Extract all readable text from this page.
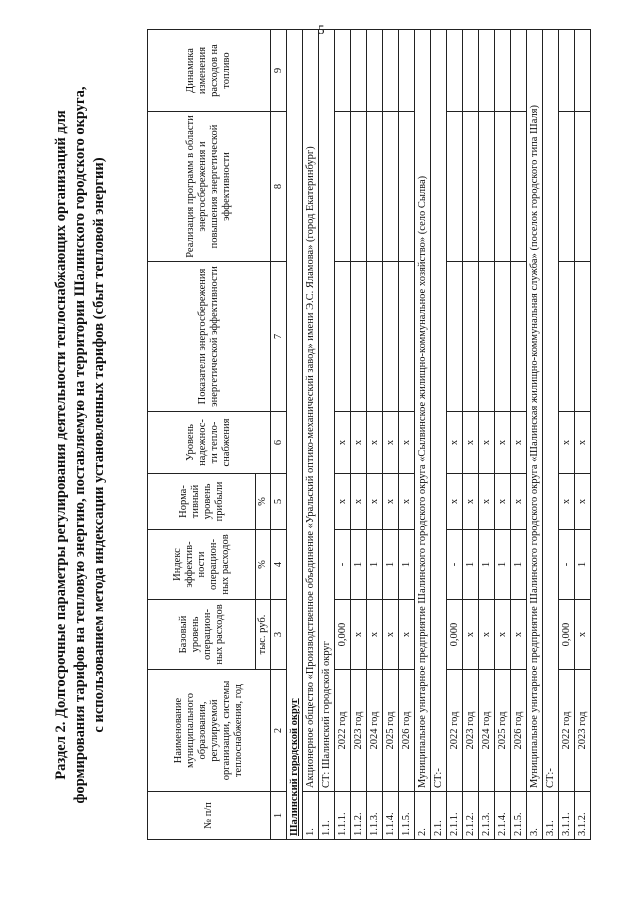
5
Раздел 2. Долгосрочные параметры регулирования деятельности теплоснабжающих организаций для формирования тарифов на тепловую энергию, поставляемую на территории Шалинского городского округа, с использованием метода индексации установленных тарифов (сбыт тепловой энергии)
№ п/п	Наименование муниципального образования, регулируемой организации, системы теплоснабжения, год	Базовый уровень операцион-ных расходов	Индекс эффектив-ности операцион-ных расходов	Норма-тивный уровень прибыли	Уровень надежнос-ти тепло-снабжения	Показатели энергосбережения энергетической эффективности	Реализация программ в области энергосбережения и повышения энергетической эффективности	Динамика изменения расходов на топливо
		тыс. руб.	%	%				
1	2	3	4	5	6	7	8	9
Шалинский городской округ								
1.	Акционерное общество «Производственное объединение «Уральский оптико-механический завод» имени Э.С. Яламова» (город Екатеринбург)							
1.1.	СТ: Шалинский городской округ							
1.1.1.	2022 год	0,000	-	x	x			
1.1.2.	2023 год	x	1	x	x			
1.1.3.	2024 год	x	1	x	x			
1.1.4.	2025 год	x	1	x	x			
1.1.5.	2026 год	x	1	x	x			
2.	Муниципальное унитарное предприятие Шалинского городского округа «Сылвинское жилищно-коммунальное хозяйство» (село Сылва)							
2.1.	СТ:-							
2.1.1.	2022 год	0,000	-	x	x			
2.1.2.	2023 год	x	1	x	x			
2.1.3.	2024 год	x	1	x	x			
2.1.4.	2025 год	x	1	x	x			
2.1.5.	2026 год	x	1	x	x			
3.	Муниципальное унитарное предприятие Шалинского городского округа «Шалинская жилищно-коммунальная служба» (поселок городского типа Шаля)							
3.1.	СТ:-							
3.1.1.	2022 год	0,000	-	x	x			
3.1.2.	2023 год	x	1	x	x			
